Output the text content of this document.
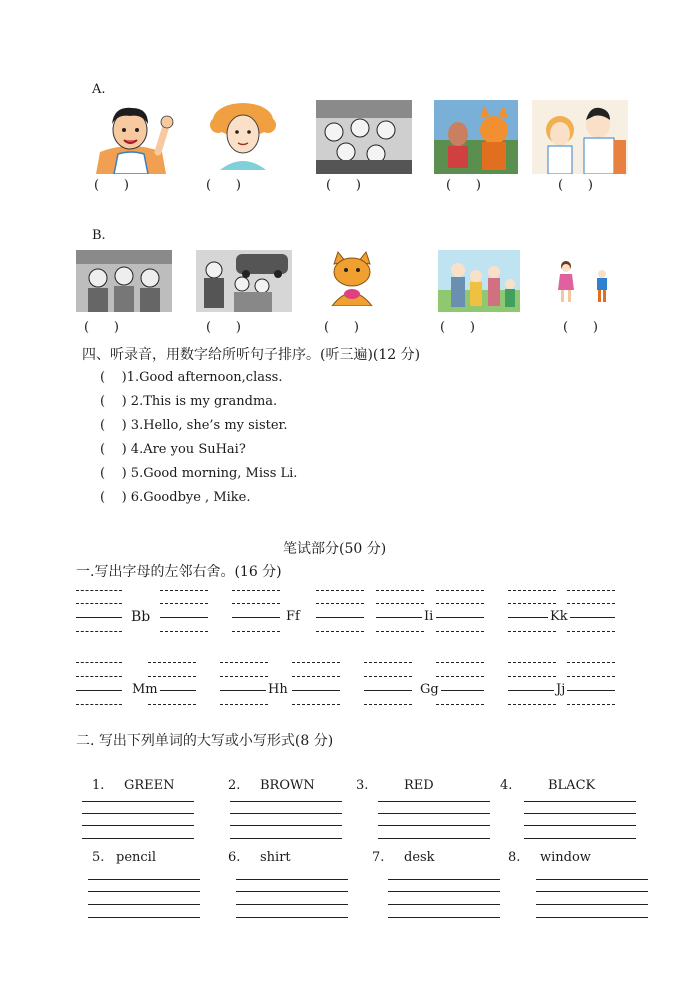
A.
(      )	(      )	(      )	(      )	(      )
B.
(      )	(      )	(      )	(      )	(      )
四、听录音，用数字给所听句子排序。(听三遍)(12 分)
(    )1.Good afternoon,class.
(    ) 2.This is my grandma.
(    ) 3.Hello, she’s my sister.
(    ) 4.Are you SuHai?
(    ) 5.Good morning, Miss Li.
(    ) 6.Goodbye , Mike.
笔试部分(50 分)
一.写出字母的左邻右舍。(16 分)
Bb	Ff	Ii	Kk
Mm	Hh	Gg	Jj
二. 写出下列单词的大写或小写形式(8 分)
1. GREEN	2. BROWN	3.	RED	4.	BLACK
5. pencil	6. shirt	7. desk	8. window
